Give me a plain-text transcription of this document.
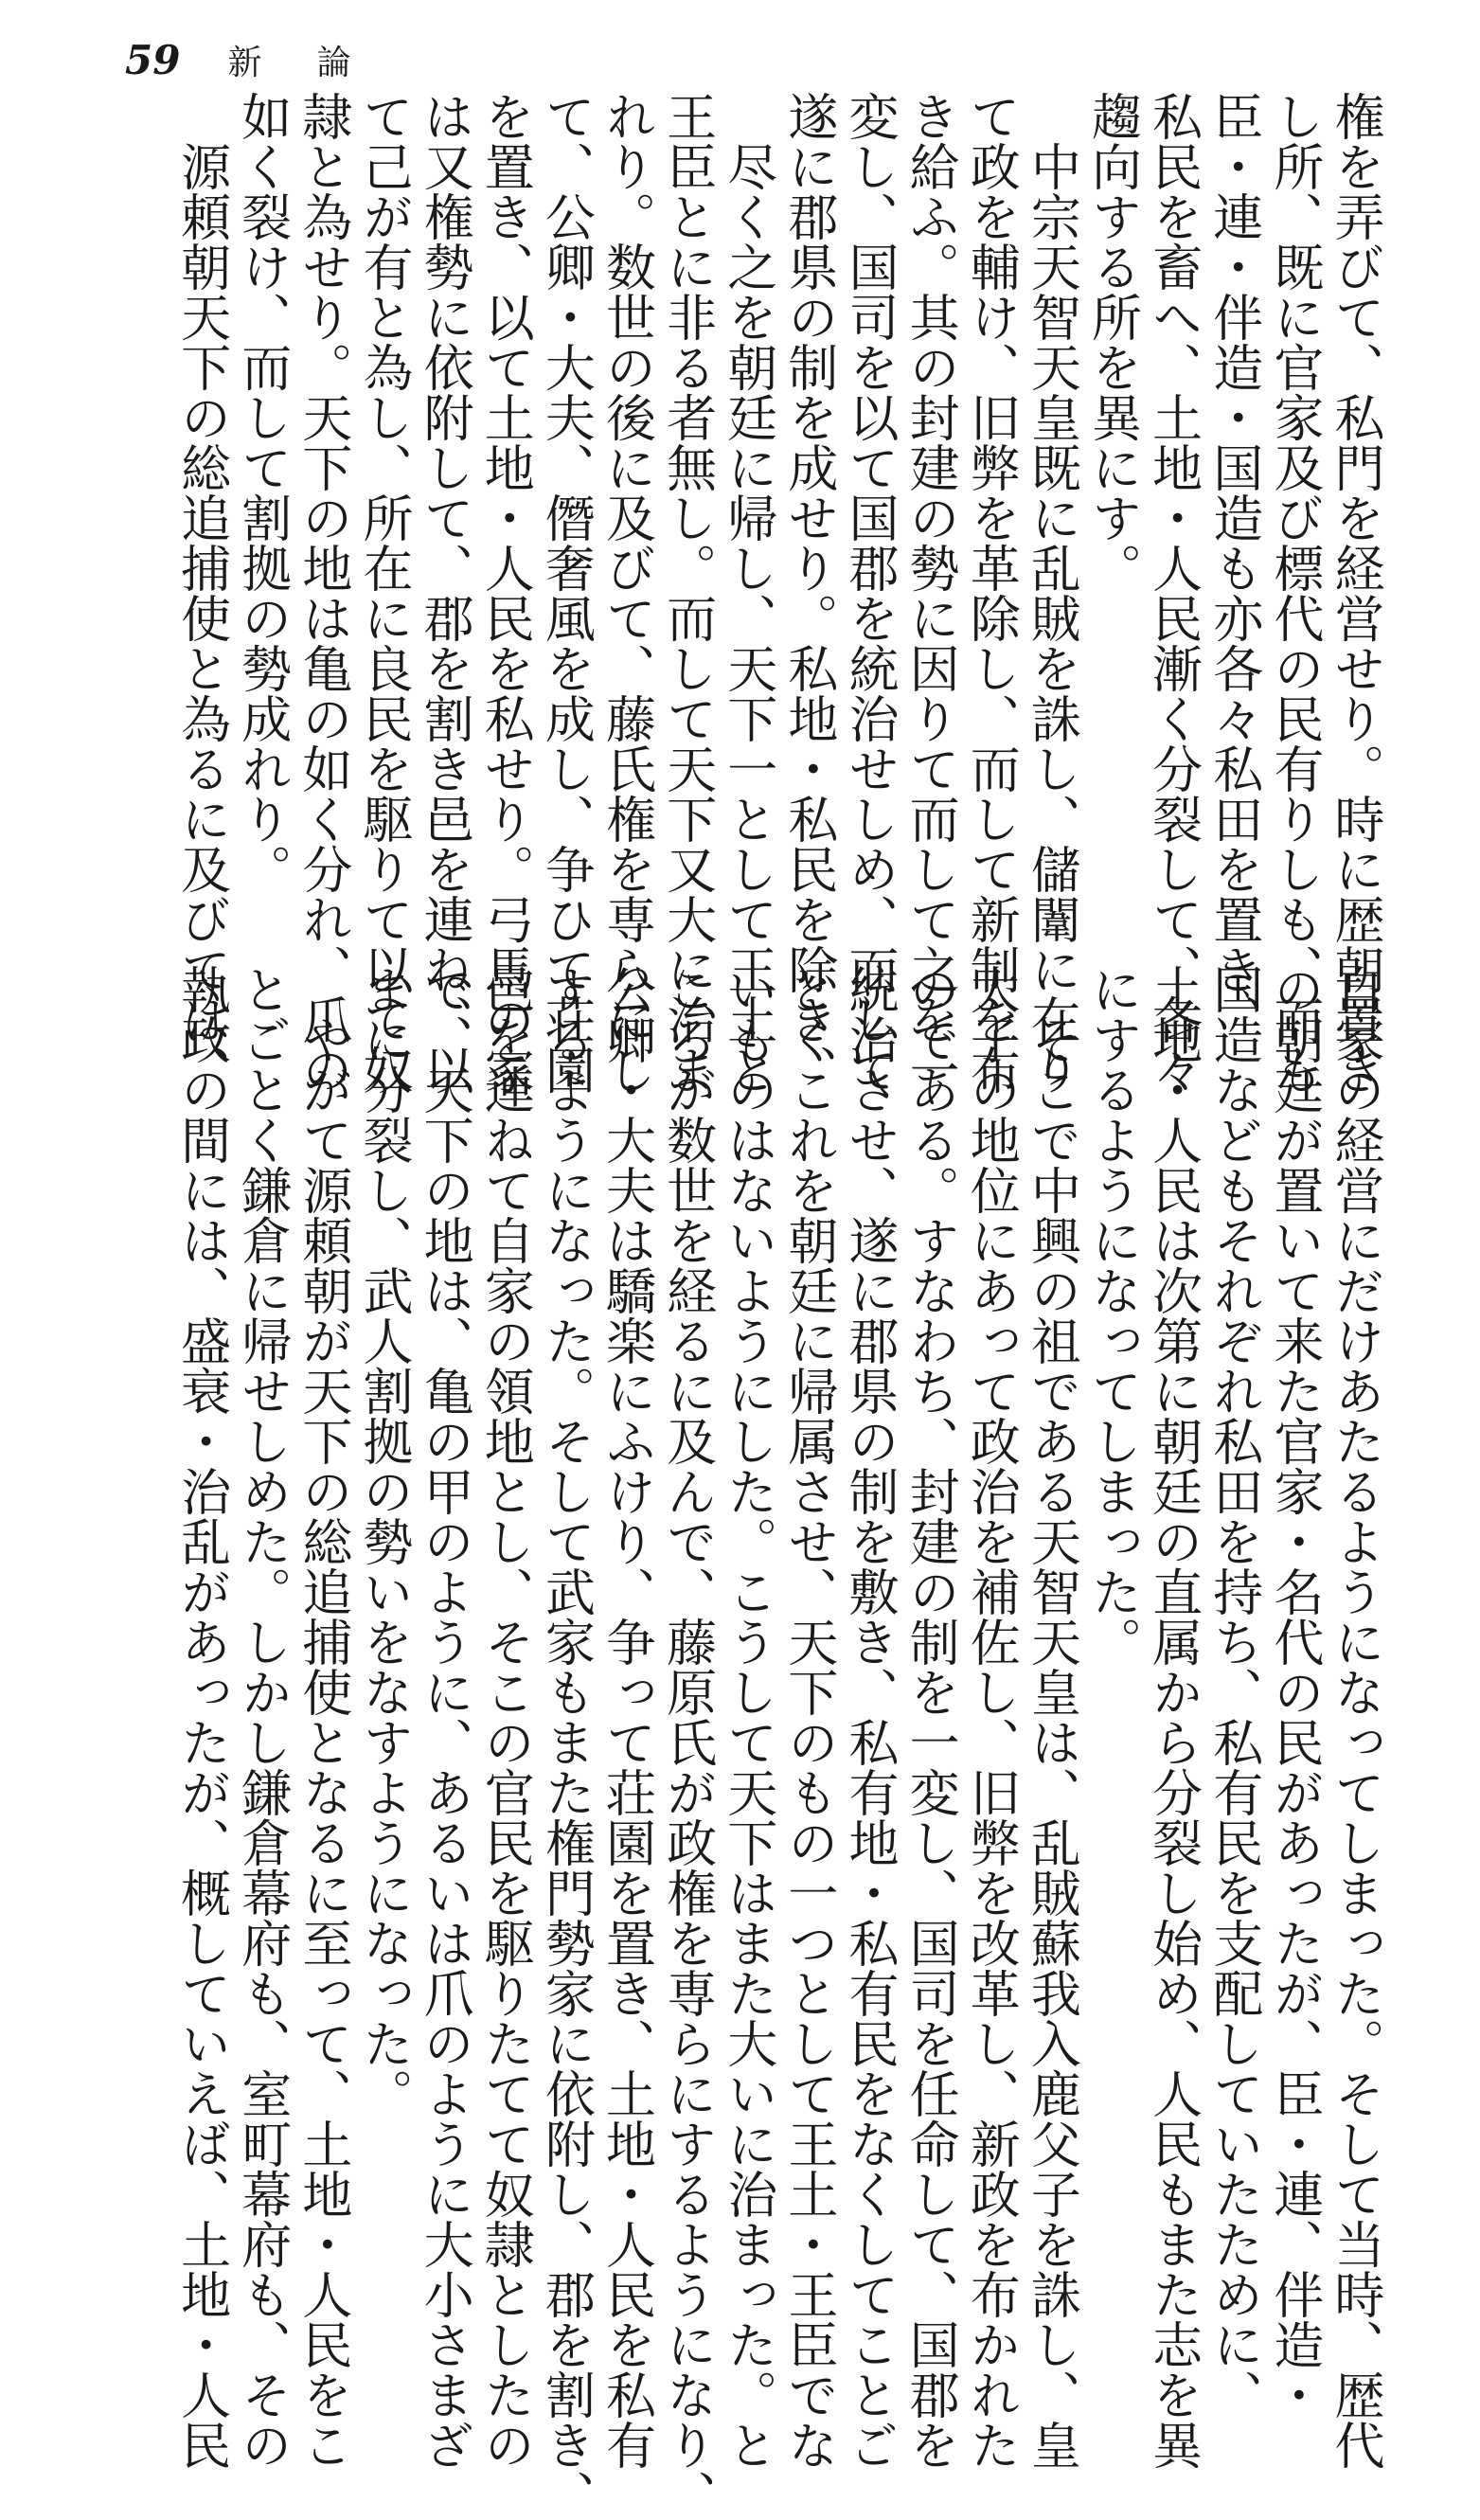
59 新論
権を弄びて、私門を経営せり。時に歴朝置き
し所、既に官家及び標代の民有りしも、而も
臣・連・伴造・国造も亦各々私田を置き、
私民を畜へ、土地・人民漸く分裂して、各々
趨向する所を異にす。
中宗天智天皇既に乱賊を誅し、儲闈に在り
て政を輔け、旧弊を革除し、而して新制を布
き給ふ。其の封建の勢に因りて而して之を一
変し、国司を以て国郡を統治せしめ、而して
遂に郡県の制を成せり。私地・私民を除き、
尽く之を朝廷に帰し、天下一として王土と
王臣とに非る者無し。而して天下又大に治ま
れり。数世の後に及びて、藤氏権を専らにし
て、公卿・大夫、僭奢風を成し、争ひて荘園
を置き、以て土地・人民を私せり。弓馬の家
は又権勢に依附して、郡を割き邑を連ね、以
て己が有と為し、所在に良民を駆りて以て奴
隷と為せり。天下の地は亀の如く分れ、爪の
如く裂け、而して割拠の勢成れり。
源頼朝天下の総追捕使と為るに及びては、
自家の経営にだけあたるようになってしまった。そして当時、歴代
の朝廷が置いて来た官家・名代の民があったが、臣・連、伴造・
国造などもそれぞれ私田を持ち、私有民を支配していたために、
土地・人民は次第に朝廷の直属から分裂し始め、人民もまた志を異
にするようになってしまった。
そこで中興の祖である天智天皇は、乱賊蘇我入鹿父子を誅し、皇
太子の地位にあって政治を補佐し、旧弊を改革し、新政を布かれた
のである。すなわち、封建の制を一変し、国司を任命して、国郡を
統治させ、遂に郡県の制を敷き、私有地・私有民をなくしてことご
とくこれを朝廷に帰属させ、天下のもの一つとして王土・王臣でな
いものはないようにした。こうして天下はまた大いに治まった。と
ころが数世を経るに及んで、藤原氏が政権を専らにするようになり、
公卿・大夫は驕楽にふけり、争って荘園を置き、土地・人民を私有
するようになった。そして武家もまた権門勢家に依附し、郡を割き、
邑を連ねて自家の領地とし、そこの官民を駆りたてて奴隷としたの
で、天下の地は、亀の甲のように、あるいは爪のように大小さまざ
まに分裂し、武人割拠の勢いをなすようになった。
やがて源頼朝が天下の総追捕使となるに至って、土地・人民をこ
とごとく鎌倉に帰せしめた。しかし鎌倉幕府も、室町幕府も、その
執政の間には、盛衰・治乱があったが、概していえば、土地・人民
